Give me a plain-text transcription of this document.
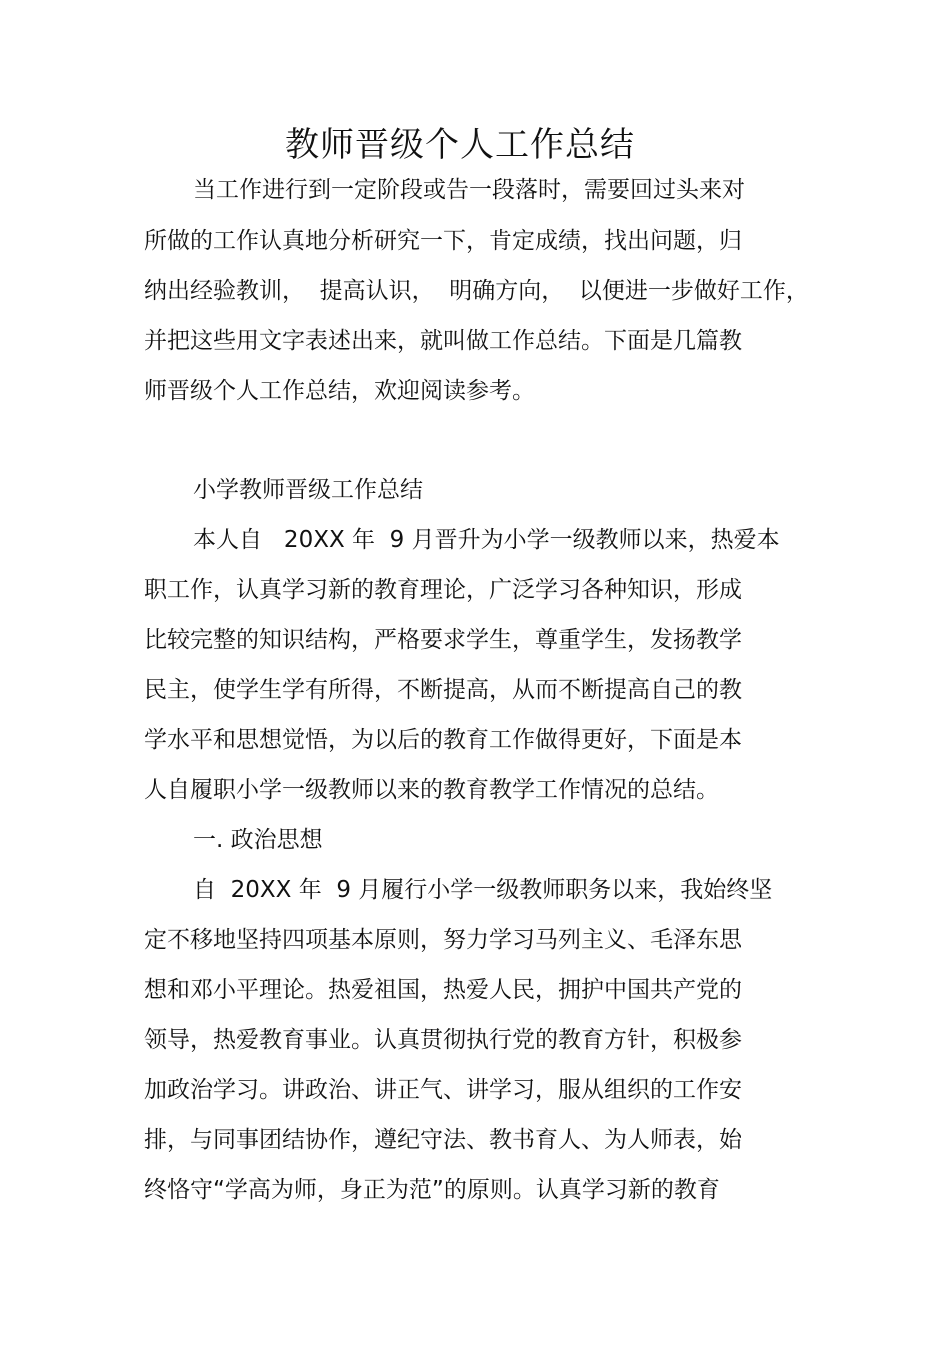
教师晋级个人工作总结

当工作进行到一定阶段或告一段落时，需要回过头来对

所做的工作认真地分析研究一下，肯定成绩，找出问题，归

纳出经验教训，  提高认识，  明确方向，  以便进一步做好工作，

并把这些用文字表述出来，就叫做工作总结。下面是几篇教

师晋级个人工作总结，欢迎阅读参考。

小学教师晋级工作总结

本人自   20XX 年  9 月晋升为小学一级教师以来，热爱本

职工作，认真学习新的教育理论，广泛学习各种知识，形成

比较完整的知识结构，严格要求学生，尊重学生，发扬教学

民主，使学生学有所得，不断提高，从而不断提高自己的教

学水平和思想觉悟，为以后的教育工作做得更好，下面是本

人自履职小学一级教师以来的教育教学工作情况的总结。

一. 政治思想

自  20XX 年  9 月履行小学一级教师职务以来，我始终坚

定不移地坚持四项基本原则，努力学习马列主义、毛泽东思

想和邓小平理论。热爱祖国，热爱人民，拥护中国共产党的

领导，热爱教育事业。认真贯彻执行党的教育方针，积极参

加政治学习。讲政治、讲正气、讲学习，服从组织的工作安

排，与同事团结协作，遵纪守法、教书育人、为人师表，始

终恪守“学高为师，身正为范”的原则。认真学习新的教育
